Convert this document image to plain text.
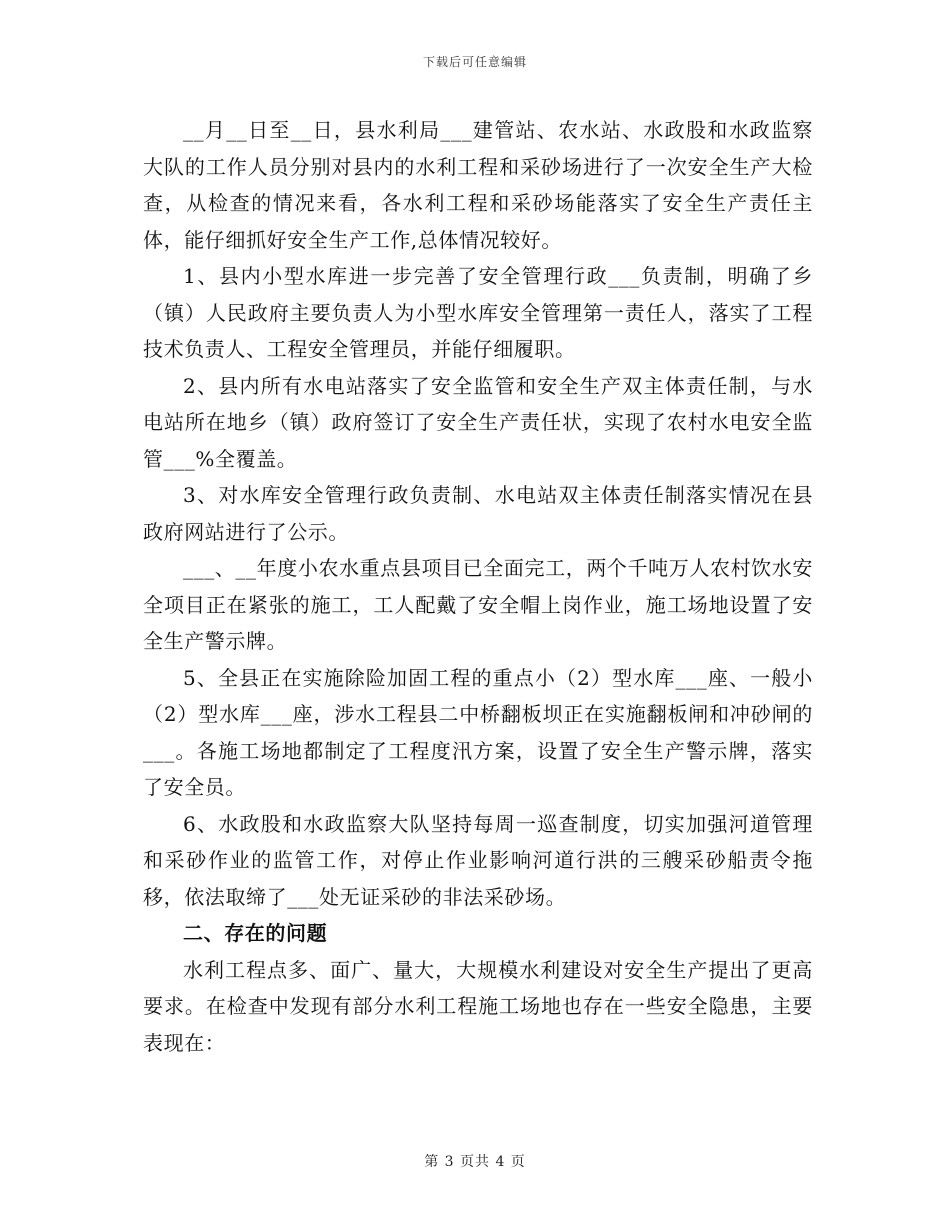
下载后可任意编辑

__月__日至__日，县水利局___建管站、农水站、水政股和水政监察大队的工作人员分别对县内的水利工程和采砂场进行了一次安全生产大检查，从检查的情况来看，各水利工程和采砂场能落实了安全生产责任主体，能仔细抓好安全生产工作,总体情况较好。

1、县内小型水库进一步完善了安全管理行政___负责制，明确了乡（镇）人民政府主要负责人为小型水库安全管理第一责任人，落实了工程技术负责人、工程安全管理员，并能仔细履职。

2、县内所有水电站落实了安全监管和安全生产双主体责任制，与水电站所在地乡（镇）政府签订了安全生产责任状，实现了农村水电安全监管___%全覆盖。

3、对水库安全管理行政负责制、水电站双主体责任制落实情况在县政府网站进行了公示。

___、__年度小农水重点县项目已全面完工，两个千吨万人农村饮水安全项目正在紧张的施工，工人配戴了安全帽上岗作业，施工场地设置了安全生产警示牌。

5、全县正在实施除险加固工程的重点小（2）型水库___座、一般小（2）型水库___座，涉水工程县二中桥翻板坝正在实施翻板闸和冲砂闸的___。各施工场地都制定了工程度汛方案，设置了安全生产警示牌，落实了安全员。

6、水政股和水政监察大队坚持每周一巡查制度，切实加强河道管理和采砂作业的监管工作，对停止作业影响河道行洪的三艘采砂船责令拖移，依法取缔了___处无证采砂的非法采砂场。

二、存在的问题

水利工程点多、面广、量大，大规模水利建设对安全生产提出了更高要求。在检查中发现有部分水利工程施工场地也存在一些安全隐患，主要表现在：

第 3 页共 4 页
